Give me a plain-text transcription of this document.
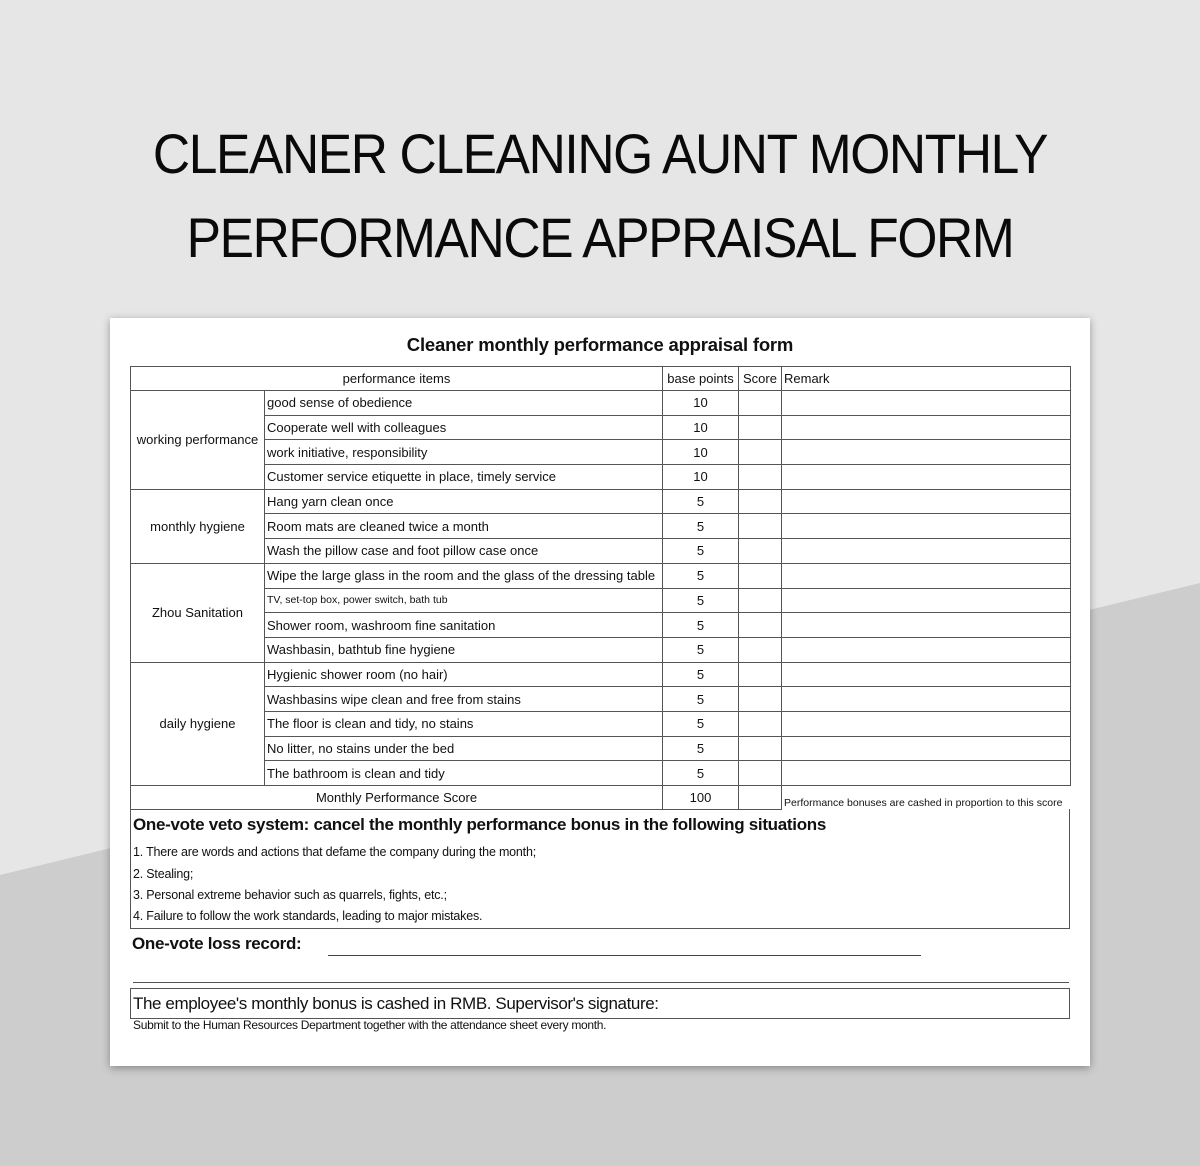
CLEANER CLEANING AUNT MONTHLY
PERFORMANCE APPRAISAL FORM
Cleaner monthly performance appraisal form
performance items		base points	Score	Remark
working performance	good sense of obedience	10		
	Cooperate well with colleagues	10		
	work initiative, responsibility	10		
	Customer service etiquette in place, timely service	10		
monthly hygiene	Hang yarn clean once	5		
	Room mats are cleaned twice a month	5		
	Wash the pillow case and foot pillow case once	5		
Zhou Sanitation	Wipe the large glass in the room and the glass of the dressing table	5		
	TV, set-top box, power switch, bath tub	5		
	Shower room, washroom fine sanitation	5		
	Washbasin, bathtub fine hygiene	5		
daily hygiene	Hygienic shower room (no hair)	5		
	Washbasins wipe clean and free from stains	5		
	The floor is clean and tidy, no stains	5		
	No litter, no stains under the bed	5		
	The bathroom is clean and tidy	5		
Monthly Performance Score		100		Performance bonuses are cashed in proportion to this score
One-vote veto system: cancel the monthly performance bonus in the following situations
1. There are words and actions that defame the company during the month;
2. Stealing;
3. Personal extreme behavior such as quarrels, fights, etc.;
4. Failure to follow the work standards, leading to major mistakes.
One-vote loss record:
The employee's monthly bonus is cashed in RMB. Supervisor's signature:
Submit to the Human Resources Department together with the attendance sheet every month.
